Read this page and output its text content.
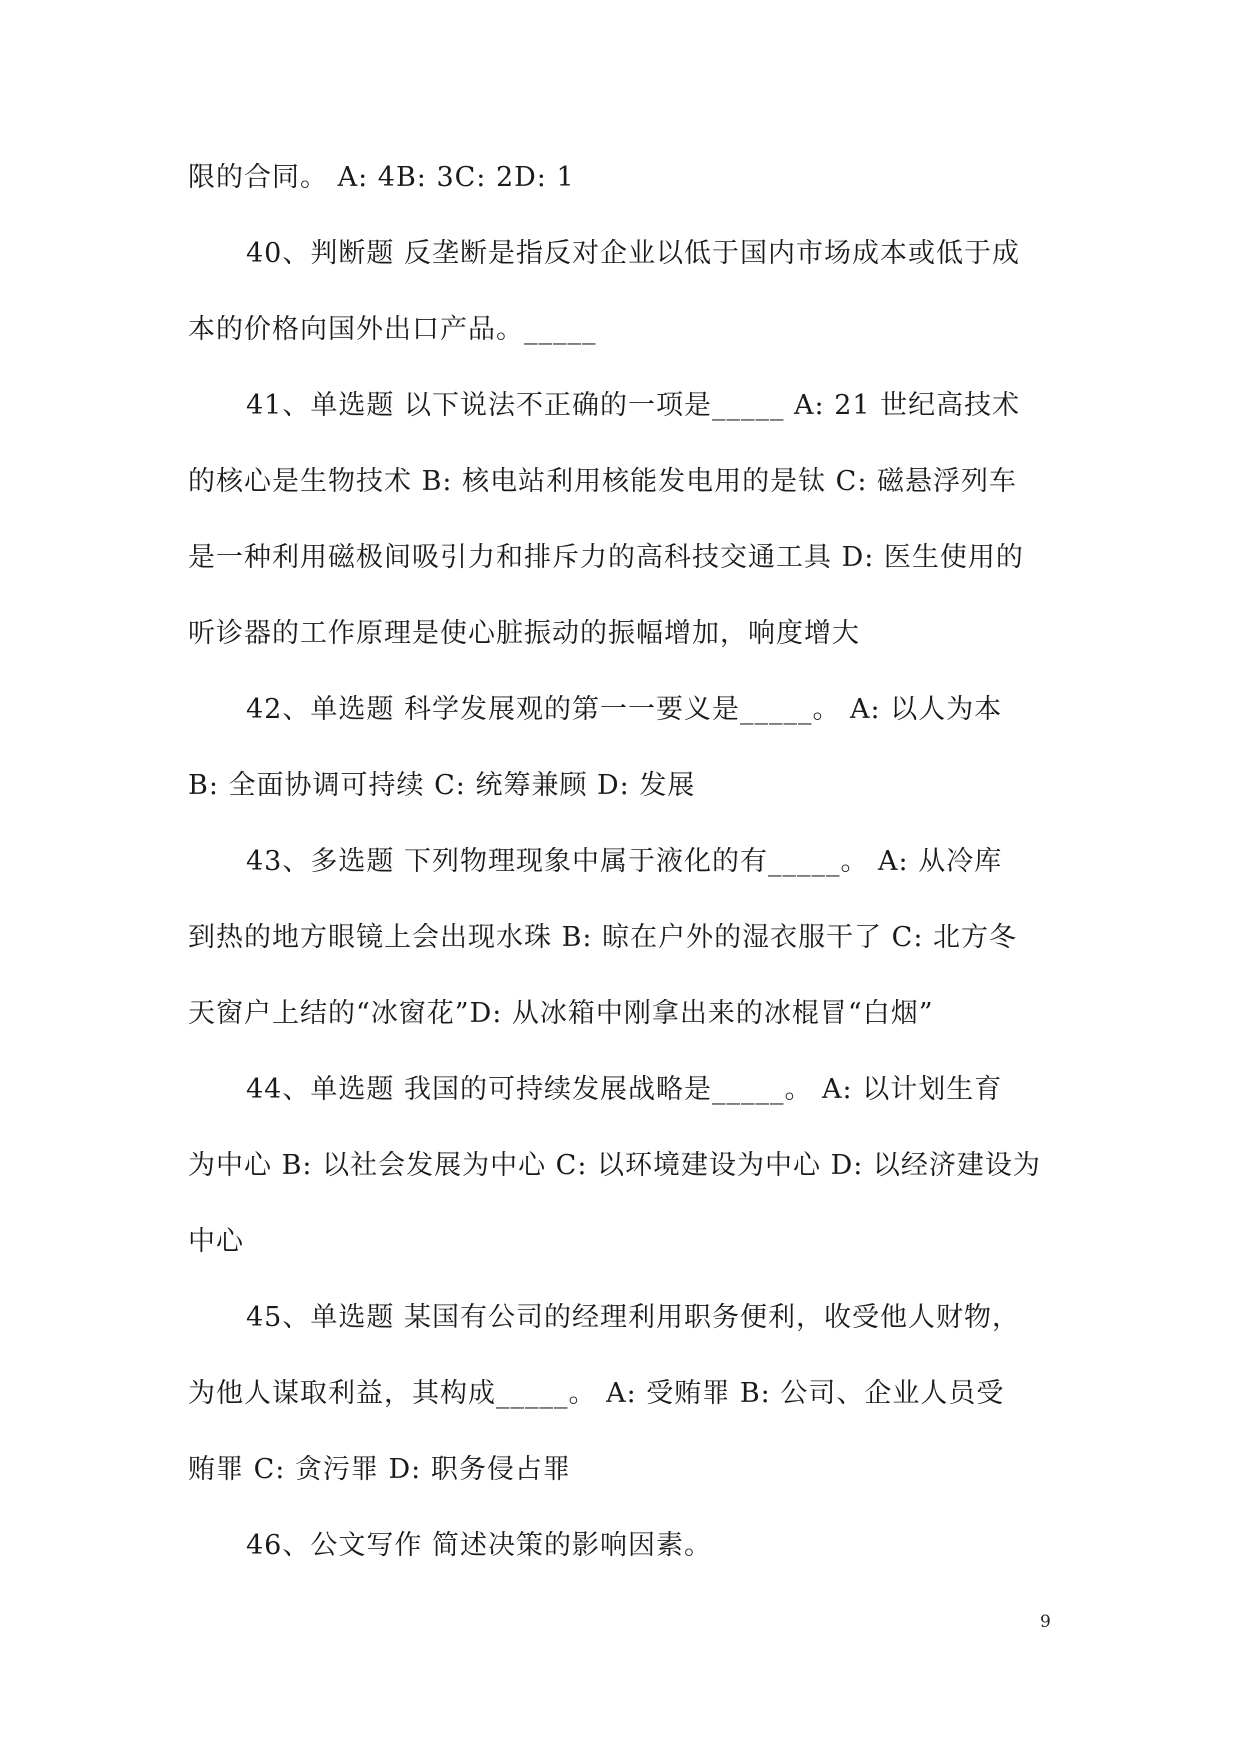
限的合同。 A: 4B: 3C: 2D: 1
40、判断题 反垄断是指反对企业以低于国内市场成本或低于成
本的价格向国外出口产品。_____
41、单选题 以下说法不正确的一项是_____ A: 21 世纪高技术
的核心是生物技术 B: 核电站利用核能发电用的是钛 C: 磁悬浮列车
是一种利用磁极间吸引力和排斥力的高科技交通工具 D: 医生使用的
听诊器的工作原理是使心脏振动的振幅增加，响度增大
42、单选题 科学发展观的第一一要义是_____。 A: 以人为本
B: 全面协调可持续 C: 统筹兼顾 D: 发展
43、多选题 下列物理现象中属于液化的有_____。 A: 从冷库
到热的地方眼镜上会出现水珠 B: 晾在户外的湿衣服干了 C: 北方冬
天窗户上结的“冰窗花”D: 从冰箱中刚拿出来的冰棍冒“白烟”
44、单选题 我国的可持续发展战略是_____。 A: 以计划生育
为中心 B: 以社会发展为中心 C: 以环境建设为中心 D: 以经济建设为
中心
45、单选题 某国有公司的经理利用职务便利，收受他人财物，
为他人谋取利益，其构成_____。 A: 受贿罪 B: 公司、企业人员受
贿罪 C: 贪污罪 D: 职务侵占罪
46、公文写作 简述决策的影响因素。
9
